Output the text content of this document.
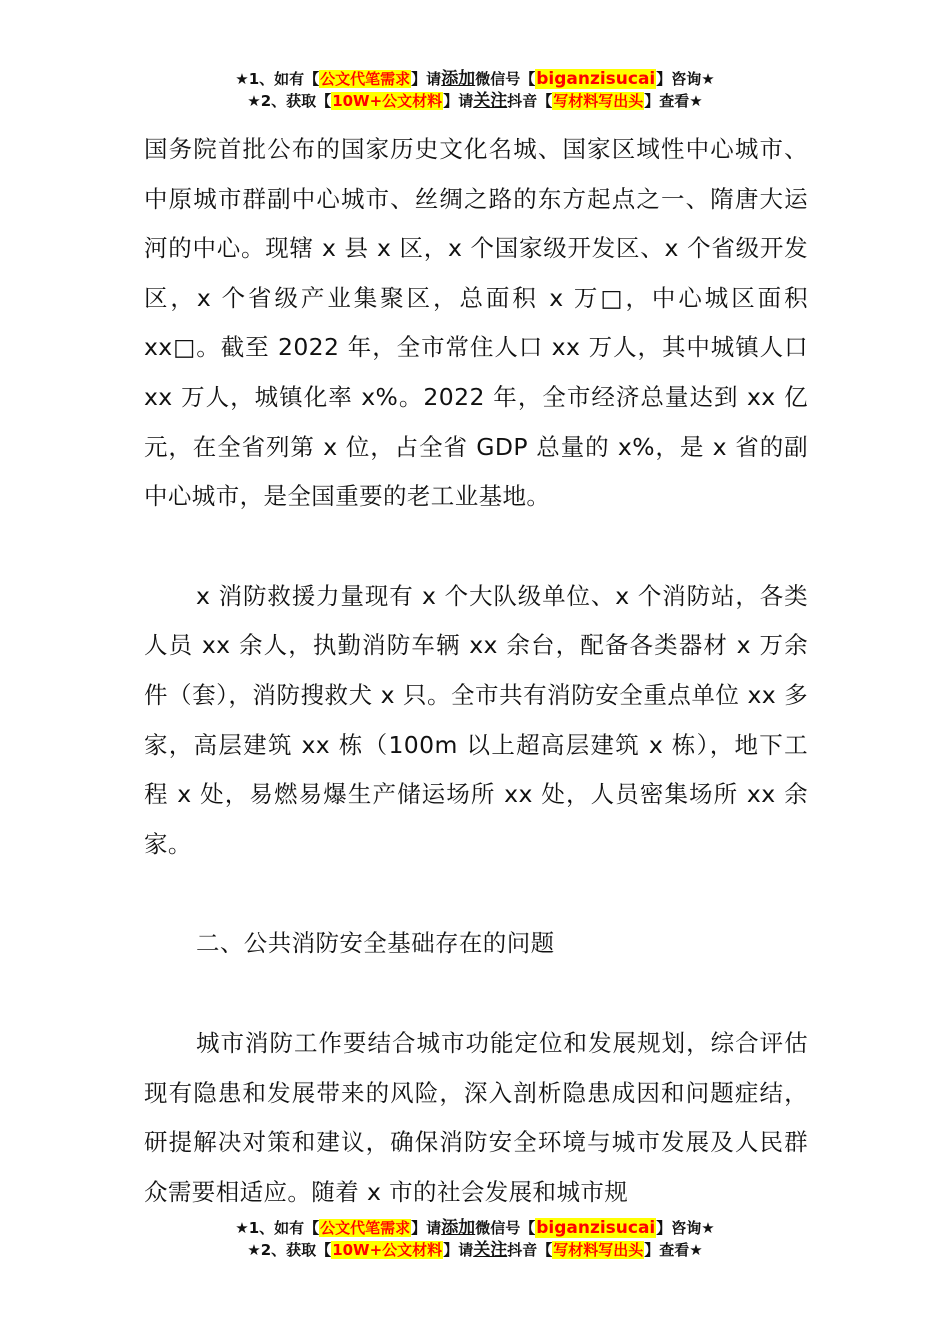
★1、如有【公文代笔需求】请添加微信号【biganzisucai】咨询★
★2、获取【10W+公文材料】请关注抖音【写材料写出头】查看★

国务院首批公布的国家历史文化名城、国家区域性中心城市、中原城市群副中心城市、丝绸之路的东方起点之一、隋唐大运河的中心。现辖 x 县 x 区，x 个国家级开发区、x 个省级开发区，x 个省级产业集聚区，总面积 x 万□，中心城区面积 xx□。截至 2022 年，全市常住人口 xx 万人，其中城镇人口 xx 万人，城镇化率 x%。2022 年，全市经济总量达到 xx 亿元，在全省列第 x 位，占全省 GDP 总量的 x%，是 x 省的副中心城市，是全国重要的老工业基地。

x 消防救援力量现有 x 个大队级单位、x 个消防站，各类人员 xx 余人，执勤消防车辆 xx 余台，配备各类器材 x 万余件（套），消防搜救犬 x 只。全市共有消防安全重点单位 xx 多家，高层建筑 xx 栋（100m 以上超高层建筑 x 栋），地下工程 x 处，易燃易爆生产储运场所 xx 处，人员密集场所 xx 余家。

二、公共消防安全基础存在的问题

城市消防工作要结合城市功能定位和发展规划，综合评估现有隐患和发展带来的风险，深入剖析隐患成因和问题症结，研提解决对策和建议，确保消防安全环境与城市发展及人民群众需要相适应。随着 x 市的社会发展和城市规

★1、如有【公文代笔需求】请添加微信号【biganzisucai】咨询★
★2、获取【10W+公文材料】请关注抖音【写材料写出头】查看★
